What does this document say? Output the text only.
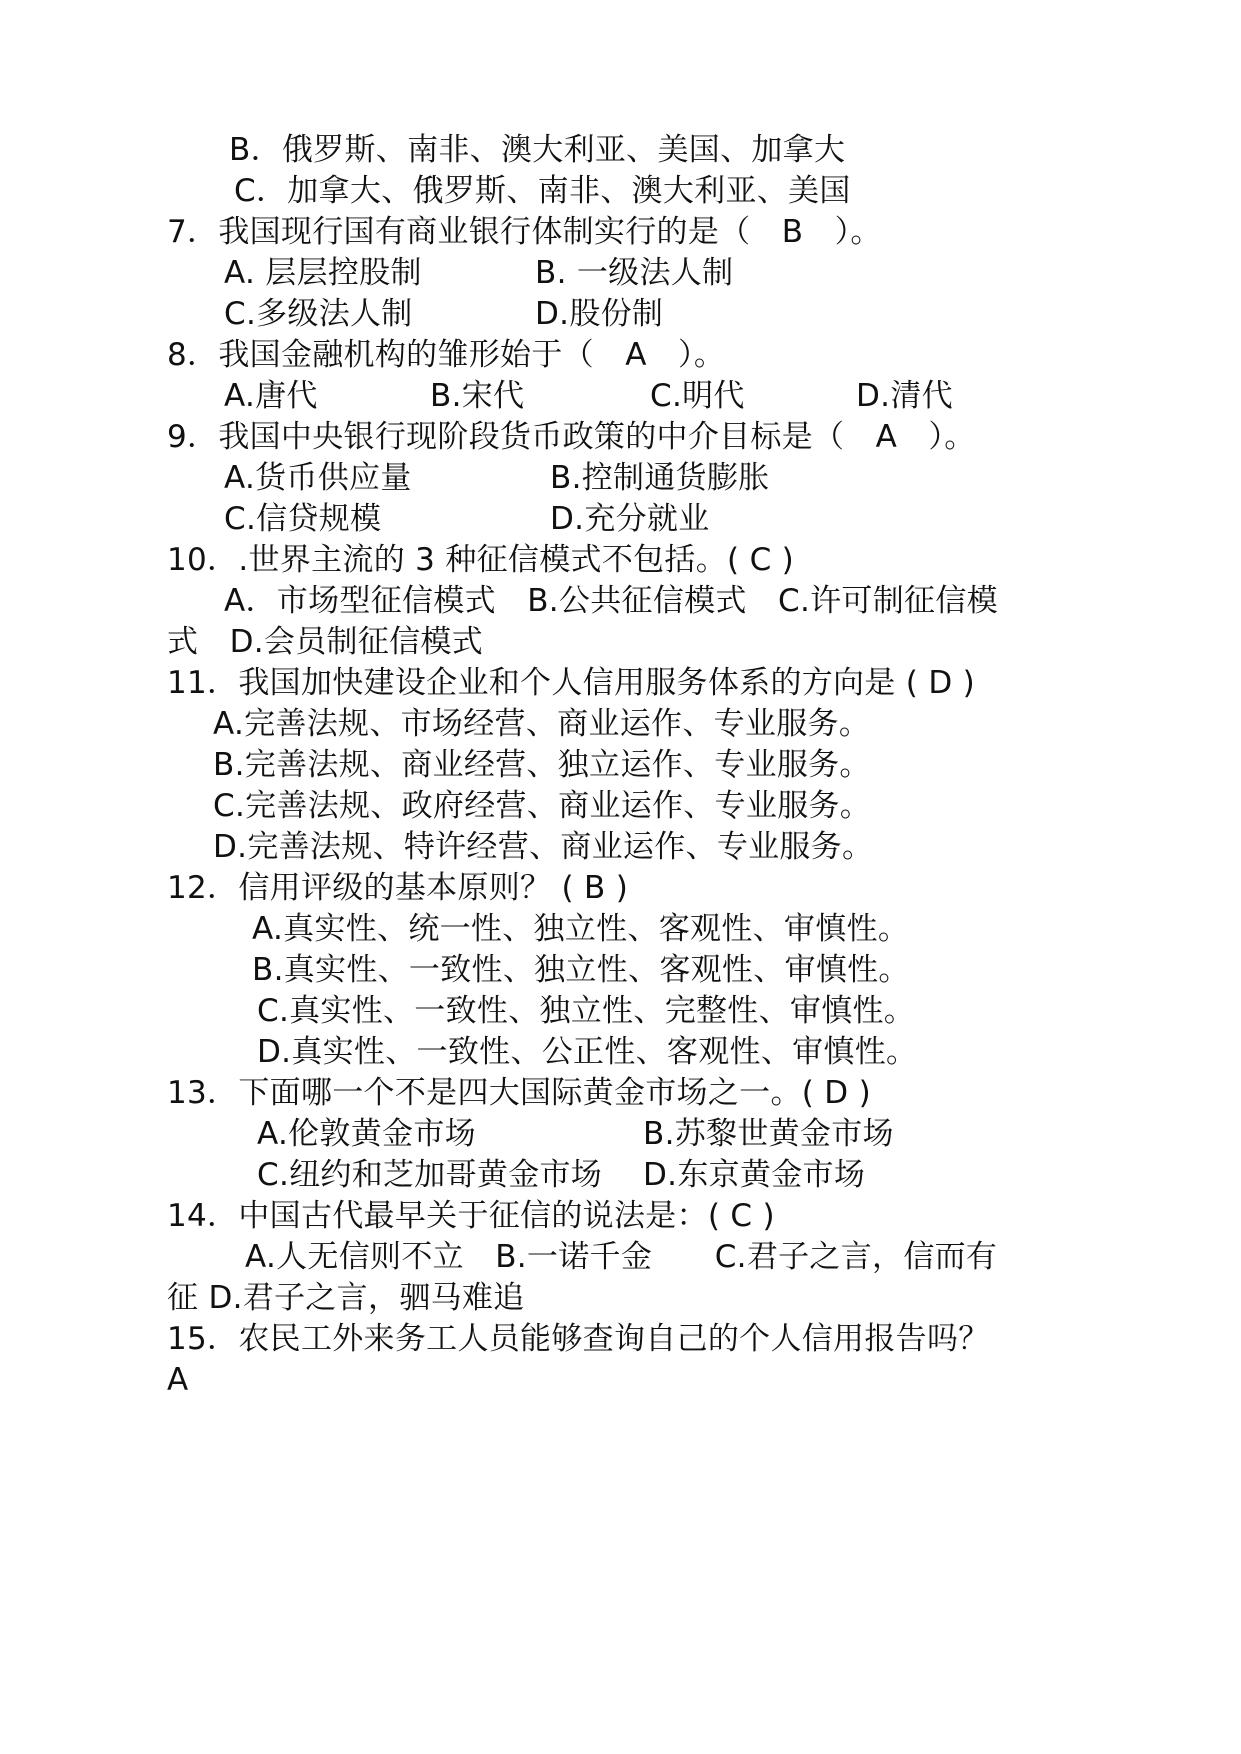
B．俄罗斯、南非、澳大利亚、美国、加拿大
C．加拿大、俄罗斯、南非、澳大利亚、美国
7．我国现行国有商业银行体制实行的是（　B　）。
A. 层层控股制	B. 一级法人制
C.多级法人制	D.股份制
8．我国金融机构的雏形始于（　A　）。
A.唐代	B.宋代	C.明代	D.清代
9．我国中央银行现阶段货币政策的中介目标是（　A　）。
A.货币供应量	B.控制通货膨胀
C.信贷规模	D.充分就业
10．.世界主流的 3 种征信模式不包括。( C )
A．市场型征信模式　B.公共征信模式　C.许可制征信模
式　D.会员制征信模式
11．我国加快建设企业和个人信用服务体系的方向是 ( D )
A.完善法规、市场经营、商业运作、专业服务。
B.完善法规、商业经营、独立运作、专业服务。
C.完善法规、政府经营、商业运作、专业服务。
D.完善法规、特许经营、商业运作、专业服务。
12．信用评级的基本原则？ ( B )
A.真实性、统一性、独立性、客观性、审慎性。
B.真实性、一致性、独立性、客观性、审慎性。
C.真实性、一致性、独立性、完整性、审慎性。
D.真实性、一致性、公正性、客观性、审慎性。
13．下面哪一个不是四大国际黄金市场之一。( D )
A.伦敦黄金市场	B.苏黎世黄金市场
C.纽约和芝加哥黄金市场 D.东京黄金市场
14．中国古代最早关于征信的说法是：( C )
A.人无信则不立　B.一诺千金　　C.君子之言，信而有
征 D.君子之言，驷马难追
15．农民工外来务工人员能够查询自己的个人信用报告吗？
A
